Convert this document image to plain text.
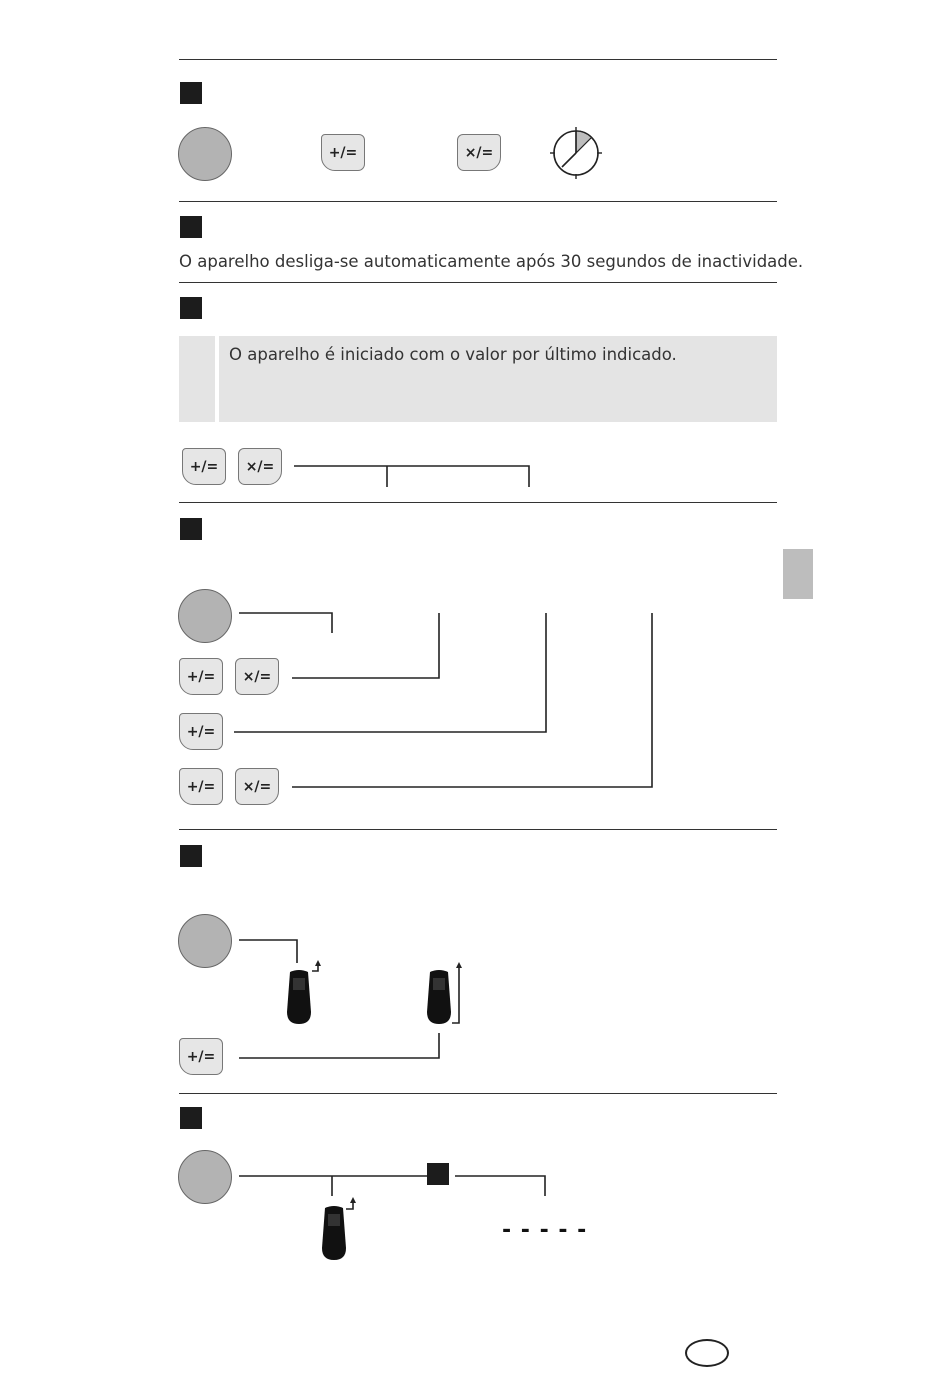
+/=	×/=
O aparelho desliga-se automaticamente após 30 segundos de inactividade.
O aparelho é iniciado com o valor por último indicado.
+/=	×/=
+/=	×/=
+/=
+/=	×/=
+/=
- - - - -
